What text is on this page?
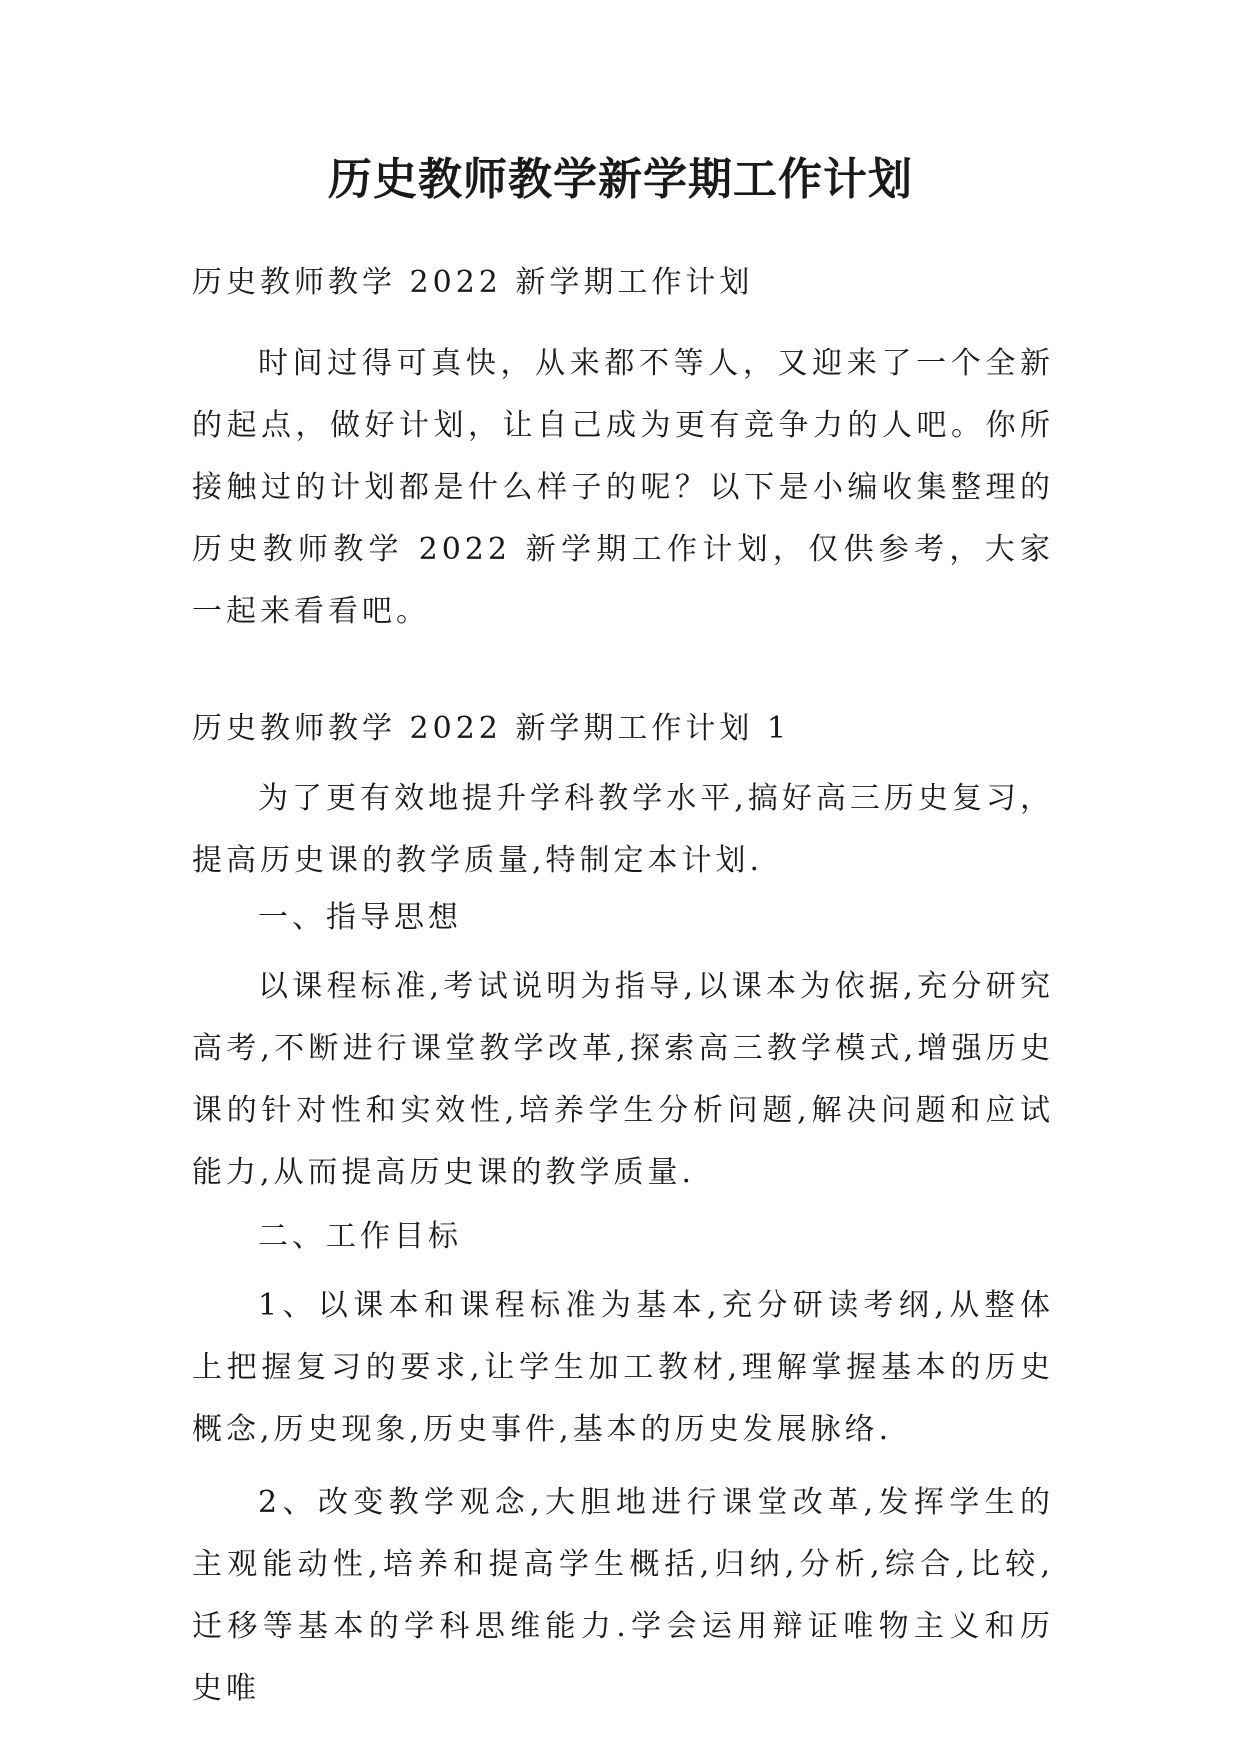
历史教师教学新学期工作计划

历史教师教学 2022 新学期工作计划

时间过得可真快，从来都不等人，又迎来了一个全新的起点，做好计划，让自己成为更有竞争力的人吧。你所接触过的计划都是什么样子的呢？以下是小编收集整理的历史教师教学 2022 新学期工作计划，仅供参考，大家一起来看看吧。

历史教师教学 2022 新学期工作计划 1

为了更有效地提升学科教学水平,搞好高三历史复习，提高历史课的教学质量,特制定本计划.

一、指导思想

以课程标准,考试说明为指导,以课本为依据,充分研究高考,不断进行课堂教学改革,探索高三教学模式,增强历史课的针对性和实效性,培养学生分析问题,解决问题和应试能力,从而提高历史课的教学质量.

二、工作目标

1、以课本和课程标准为基本,充分研读考纲,从整体上把握复习的要求,让学生加工教材,理解掌握基本的历史概念,历史现象,历史事件,基本的历史发展脉络.

2、改变教学观念,大胆地进行课堂改革,发挥学生的主观能动性,培养和提高学生概括,归纳,分析,综合,比较,迁移等基本的学科思维能力.学会运用辩证唯物主义和历史唯
